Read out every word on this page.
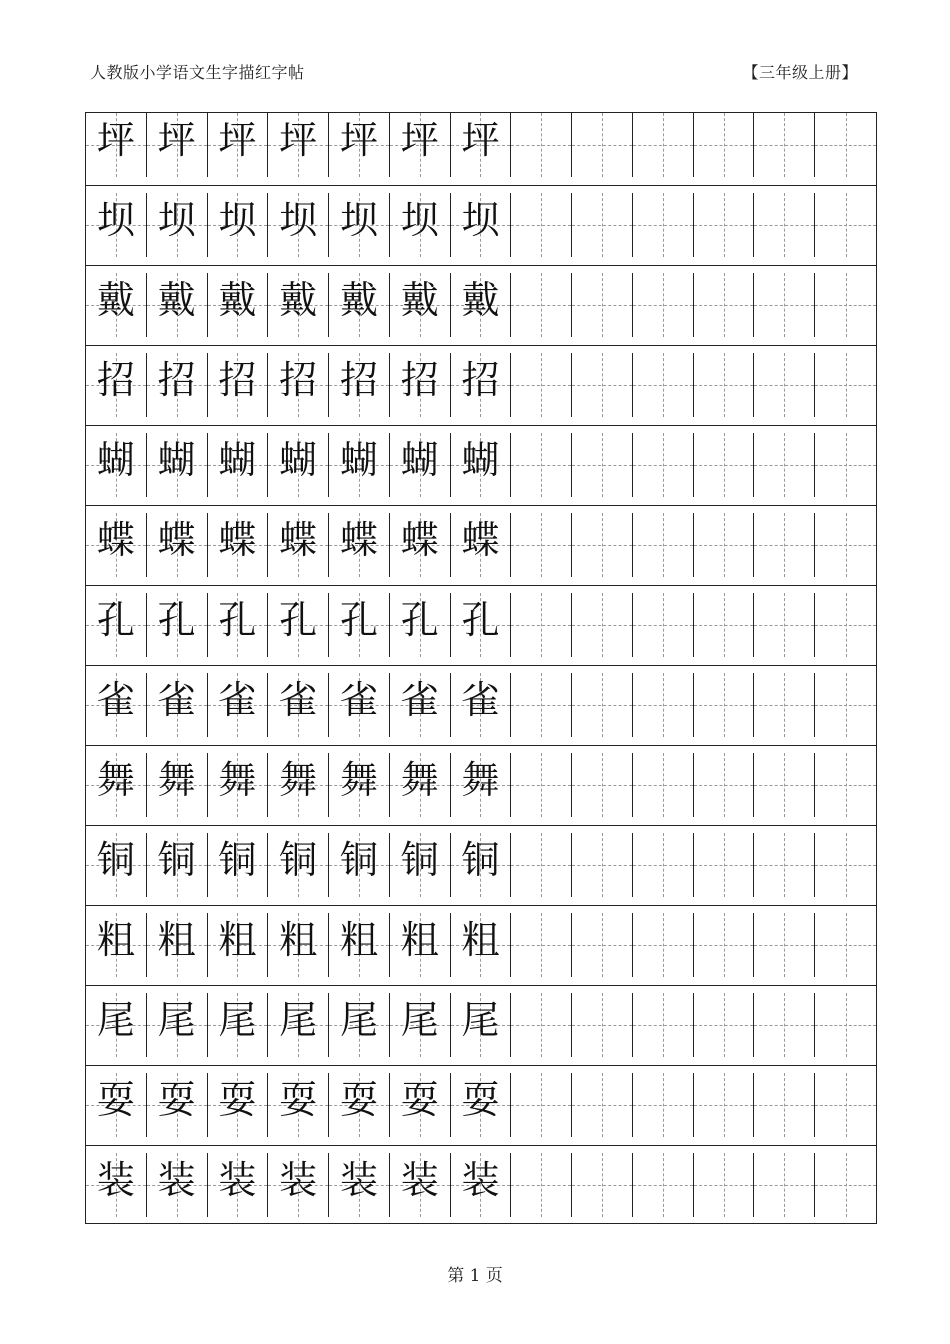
人教版小学语文生字描红字帖	【三年级上册】
坪 坪 坪 坪 坪 坪 坪
坝 坝 坝 坝 坝 坝 坝
戴 戴 戴 戴 戴 戴 戴
招 招 招 招 招 招 招
蝴 蝴 蝴 蝴 蝴 蝴 蝴
蝶 蝶 蝶 蝶 蝶 蝶 蝶
孔 孔 孔 孔 孔 孔 孔
雀 雀 雀 雀 雀 雀 雀
舞 舞 舞 舞 舞 舞 舞
铜 铜 铜 铜 铜 铜 铜
粗 粗 粗 粗 粗 粗 粗
尾 尾 尾 尾 尾 尾 尾
耍 耍 耍 耍 耍 耍 耍
装 装 装 装 装 装 装
第 1 页
